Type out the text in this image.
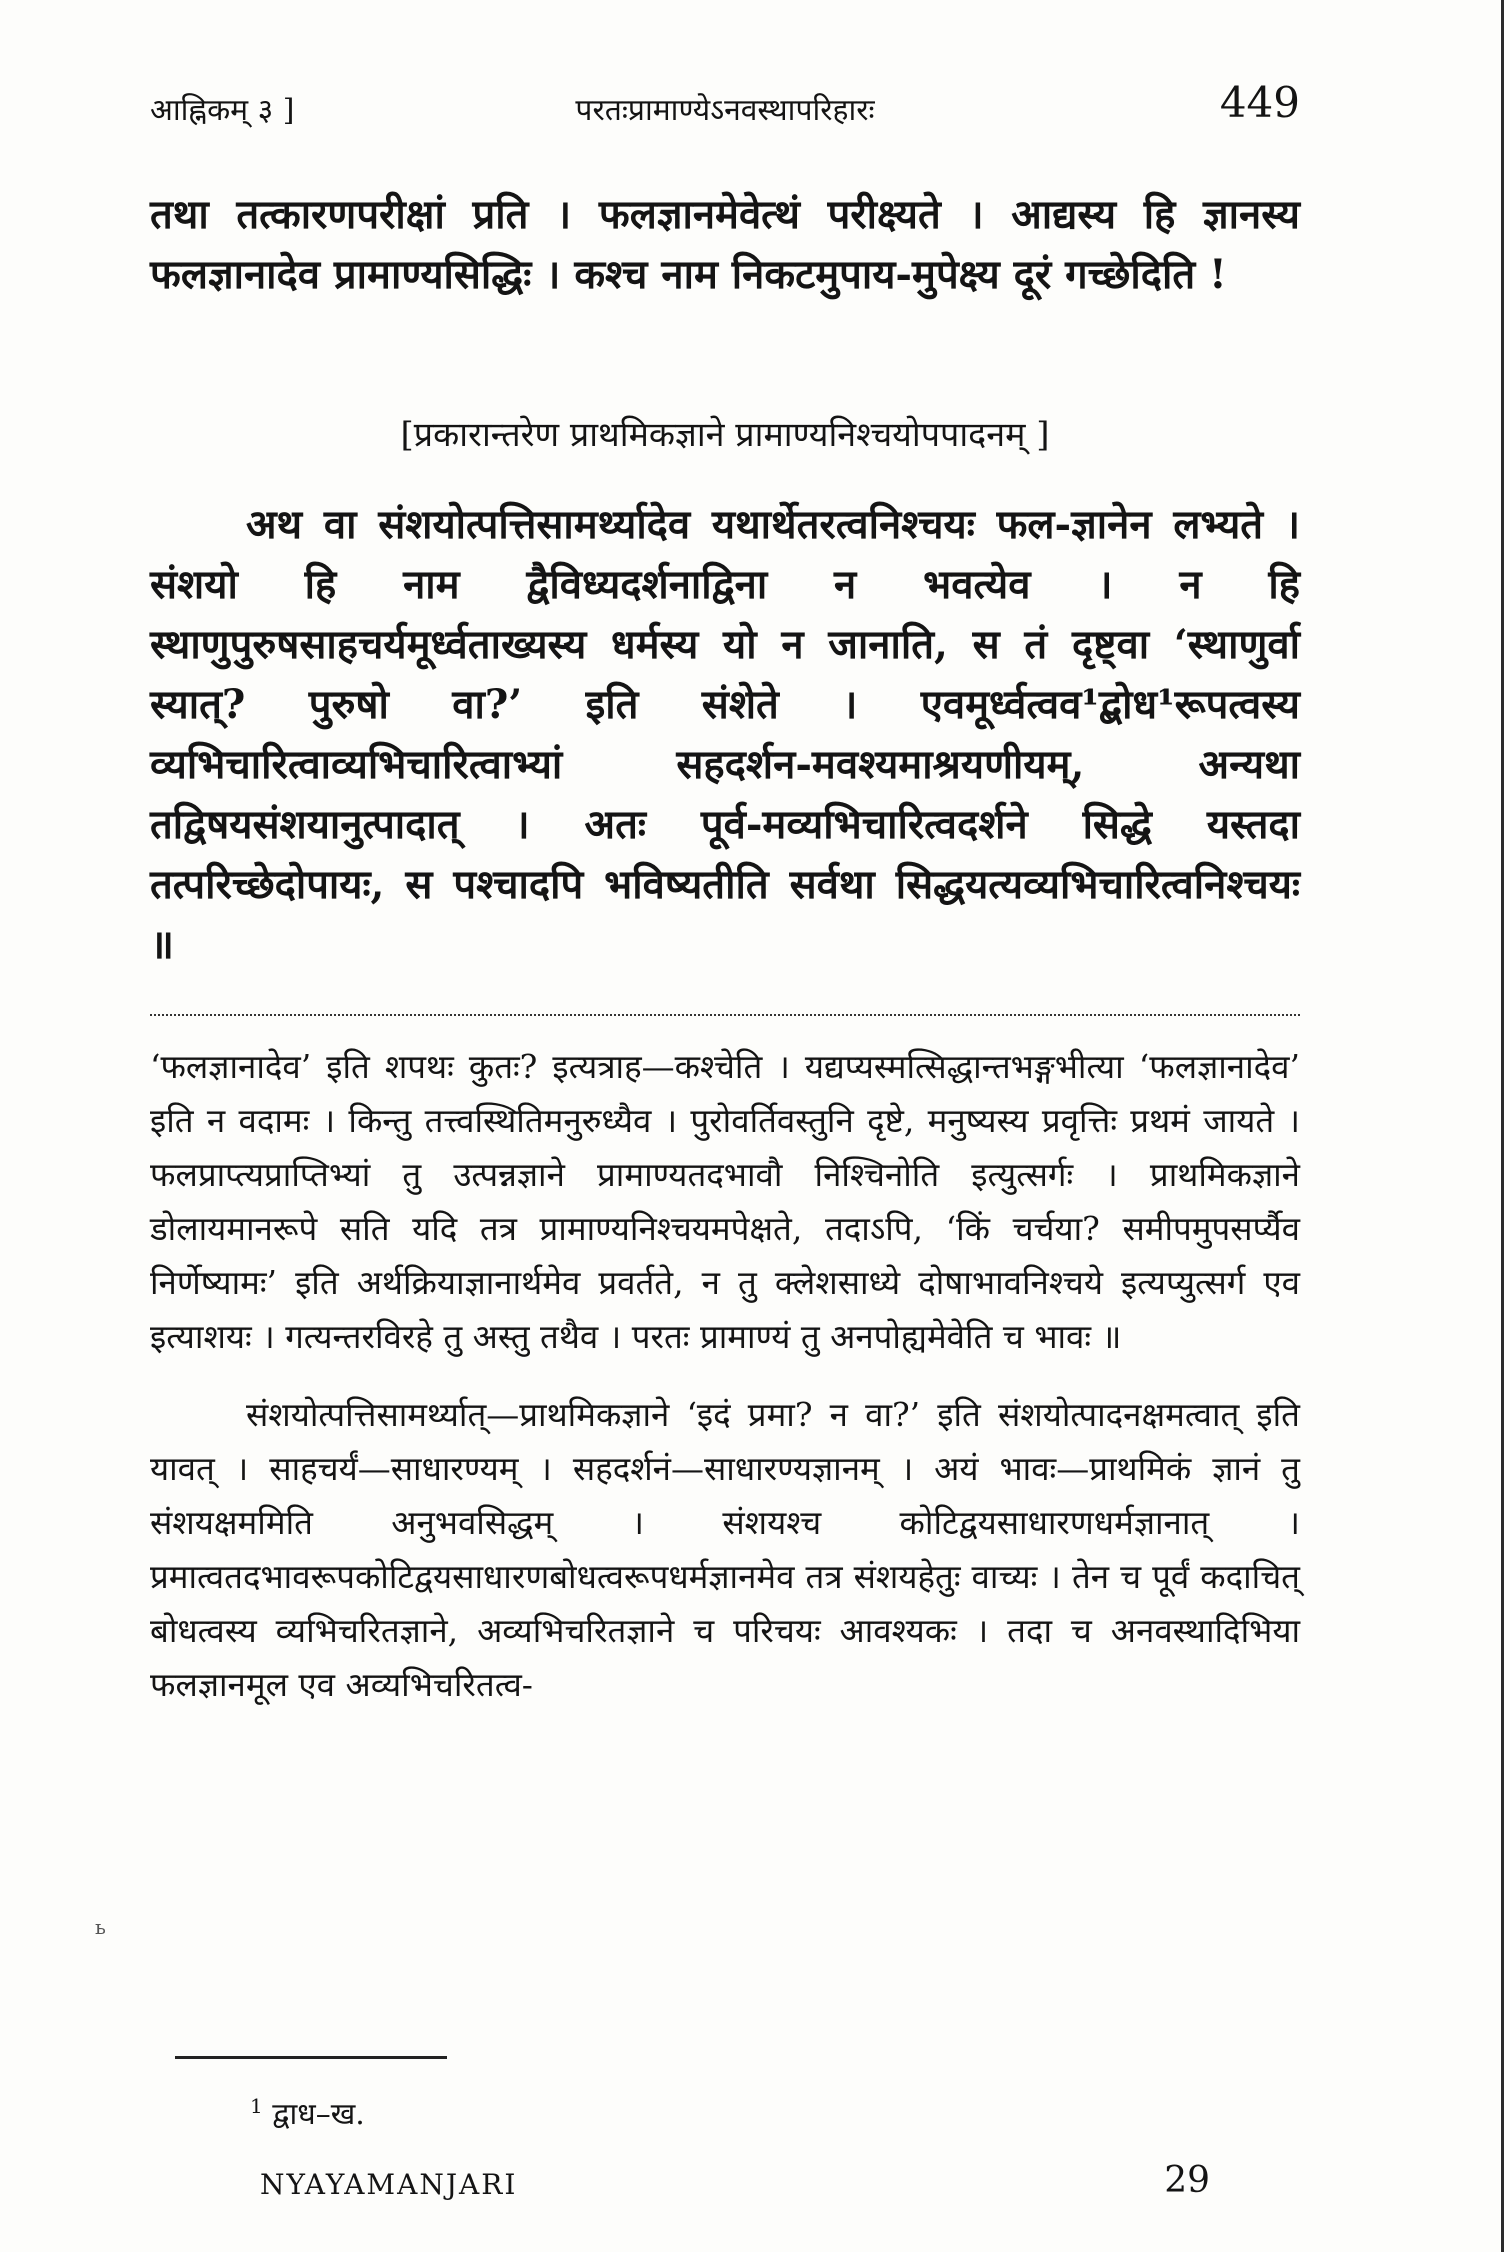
आह्निकम् ३ ]	परतःप्रामाण्येऽनवस्थापरिहारः	449

तथा तत्कारणपरीक्षां प्रति । फलज्ञानमेवेत्थं परीक्ष्यते । आद्यस्य हि ज्ञानस्य फलज्ञानादेव प्रामाण्यसिद्धिः । कश्च नाम निकटमुपाय-मुपेक्ष्य दूरं गच्छेदिति !

[प्रकारान्तरेण प्राथमिकज्ञाने प्रामाण्यनिश्चयोपपादनम् ]

अथ वा संशयोत्पत्तिसामर्थ्यादेव यथार्थेतरत्वनिश्चयः फल-ज्ञानेन लभ्यते । संशयो हि नाम द्वैविध्यदर्शनाद्विना न भवत्येव । न हि स्थाणुपुरुषसाहचर्यमूर्ध्वताख्यस्य धर्मस्य यो न जानाति, स तं दृष्ट्वा ‘स्थाणुर्वा स्यात्? पुरुषो वा?’ इति संशेते । एवमूर्ध्वत्वव¹द्बोध¹रूपत्वस्य व्यभिचारित्वाव्यभिचारित्वाभ्यां सहदर्शन-मवश्यमाश्रयणीयम्, अन्यथा तद्विषयसंशयानुत्पादात् । अतः पूर्व-मव्यभिचारित्वदर्शने सिद्धे यस्तदा तत्परिच्छेदोपायः, स पश्चादपि भविष्यतीति सर्वथा सिद्धयत्यव्यभिचारित्वनिश्चयः ॥

‘फलज्ञानादेव’ इति शपथः कुतः? इत्यत्राह—कश्चेति । यद्यप्यस्मत्सिद्धान्तभङ्गभीत्या ‘फलज्ञानादेव’ इति न वदामः । किन्तु तत्त्वस्थितिमनुरुध्यैव । पुरोवर्तिवस्तुनि दृष्टे, मनुष्यस्य प्रवृत्तिः प्रथमं जायते । फलप्राप्त्यप्राप्तिभ्यां तु उत्पन्नज्ञाने प्रामाण्यतदभावौ निश्चिनोति इत्युत्सर्गः । प्राथमिकज्ञाने डोलायमानरूपे सति यदि तत्र प्रामाण्यनिश्चयमपेक्षते, तदाऽपि, ‘किं चर्चया? समीपमुपसर्प्यैव निर्णेष्यामः’ इति अर्थक्रियाज्ञानार्थमेव प्रवर्तते, न तु क्लेशसाध्ये दोषाभावनिश्चये इत्यप्युत्सर्ग एव इत्याशयः । गत्यन्तरविरहे तु अस्तु तथैव । परतः प्रामाण्यं तु अनपोह्यमेवेति च भावः ॥

संशयोत्पत्तिसामर्थ्यात्—प्राथमिकज्ञाने ‘इदं प्रमा? न वा?’ इति संशयोत्पादनक्षमत्वात् इति यावत् । साहचर्यं—साधारण्यम् । सहदर्शनं—साधारण्यज्ञानम् । अयं भावः—प्राथमिकं ज्ञानं तु संशयक्षममिति अनुभवसिद्धम् । संशयश्च कोटिद्वयसाधारणधर्मज्ञानात् । प्रमात्वतदभावरूपकोटिद्वयसाधारणबोधत्वरूपधर्मज्ञानमेव तत्र संशयहेतुः वाच्यः । तेन च पूर्वं कदाचित् बोधत्वस्य व्यभिचरितज्ञाने, अव्यभिचरितज्ञाने च परिचयः आवश्यकः । तदा च अनवस्थादिभिया फलज्ञानमूल एव अव्यभिचरितत्व-

ь
$^1$ द्वाध–ख.
NYAYAMANJARI	29
